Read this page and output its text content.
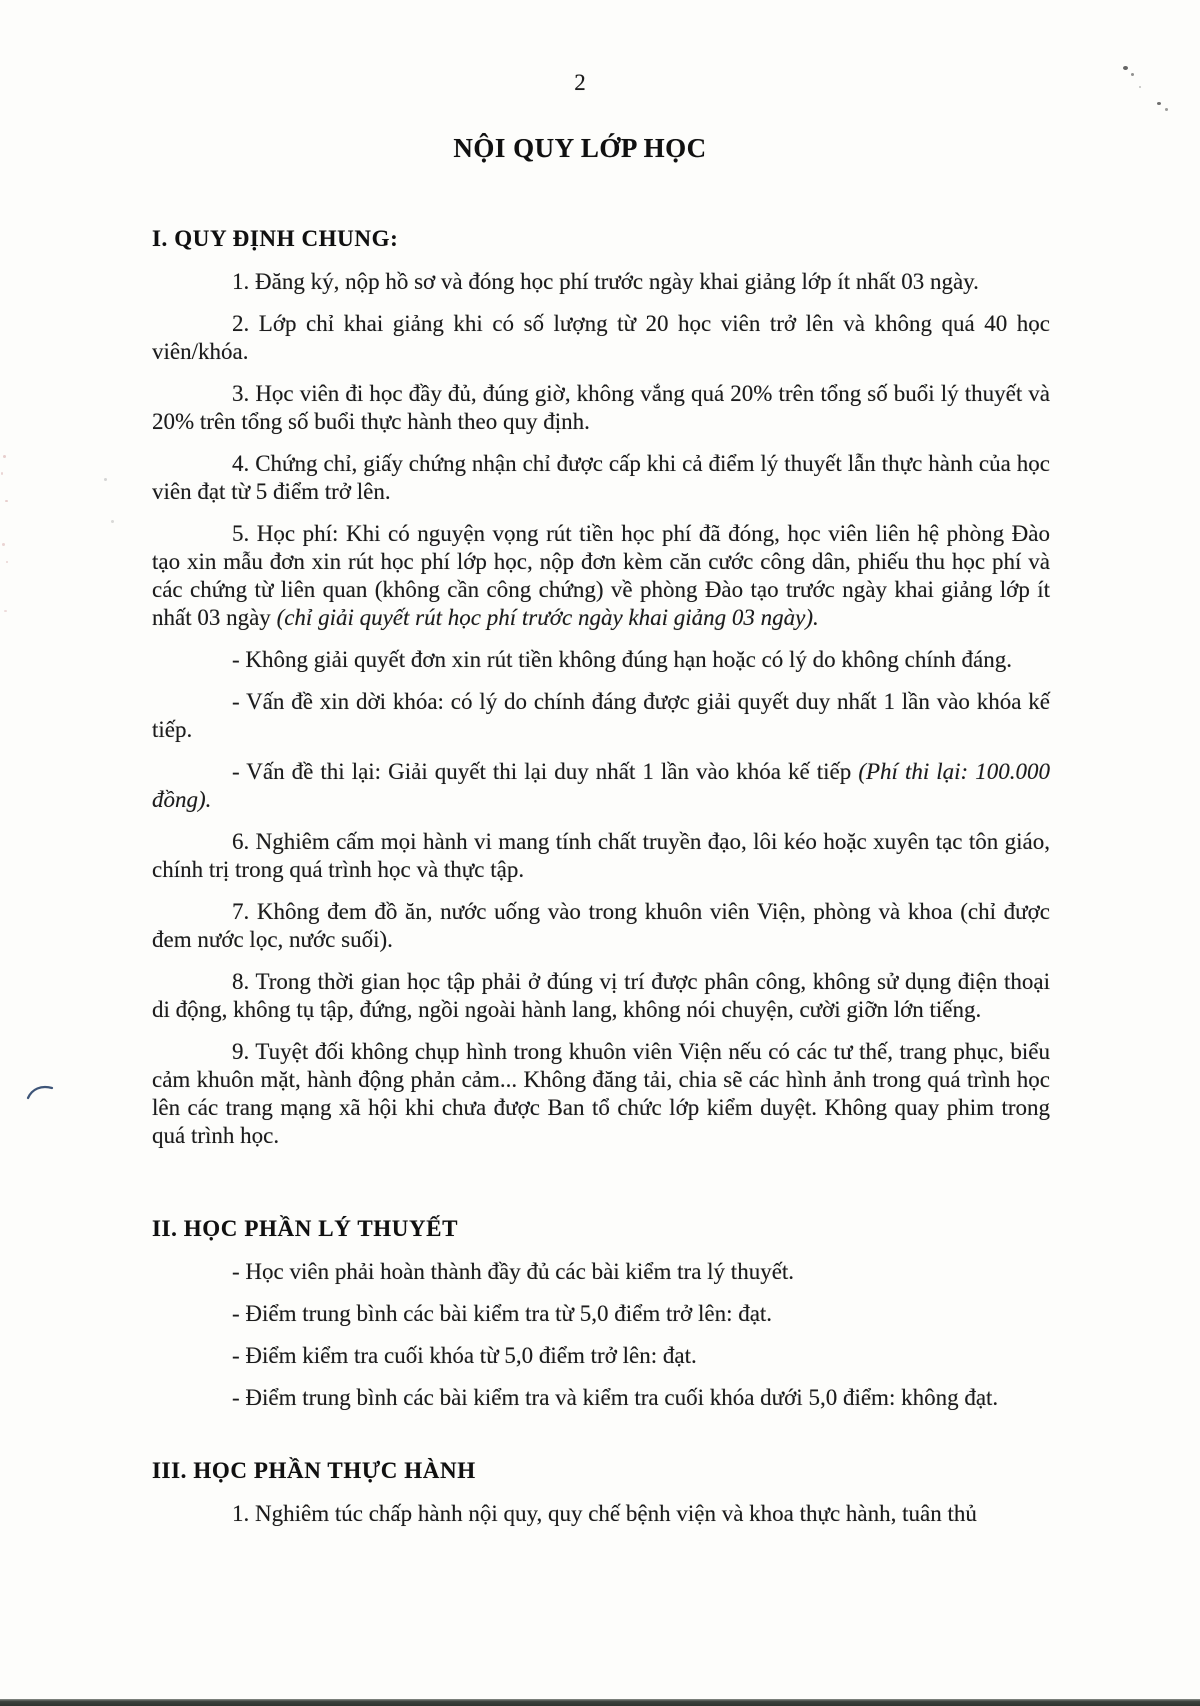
2
NỘI QUY LỚP HỌC
I. QUY ĐỊNH CHUNG:

1. Đăng ký, nộp hồ sơ và đóng học phí trước ngày khai giảng lớp ít nhất 03 ngày.

2. Lớp chỉ khai giảng khi có số lượng từ 20 học viên trở lên và không quá 40 học viên/khóa.

3. Học viên đi học đầy đủ, đúng giờ, không vắng quá 20% trên tổng số buổi lý thuyết và 20% trên tổng số buổi thực hành theo quy định.

4. Chứng chỉ, giấy chứng nhận chỉ được cấp khi cả điểm lý thuyết lẫn thực hành của học viên đạt từ 5 điểm trở lên.

5. Học phí: Khi có nguyện vọng rút tiền học phí đã đóng, học viên liên hệ phòng Đào tạo xin mẫu đơn xin rút học phí lớp học, nộp đơn kèm căn cước công dân, phiếu thu học phí và các chứng từ liên quan (không cần công chứng) về phòng Đào tạo trước ngày khai giảng lớp ít nhất 03 ngày (chỉ giải quyết rút học phí trước ngày khai giảng 03 ngày).

- Không giải quyết đơn xin rút tiền không đúng hạn hoặc có lý do không chính đáng.

- Vấn đề xin dời khóa: có lý do chính đáng được giải quyết duy nhất 1 lần vào khóa kế tiếp.

- Vấn đề thi lại: Giải quyết thi lại duy nhất 1 lần vào khóa kế tiếp (Phí thi lại: 100.000 đồng).

6. Nghiêm cấm mọi hành vi mang tính chất truyền đạo, lôi kéo hoặc xuyên tạc tôn giáo, chính trị trong quá trình học và thực tập.

7. Không đem đồ ăn, nước uống vào trong khuôn viên Viện, phòng và khoa (chỉ được đem nước lọc, nước suối).

8. Trong thời gian học tập phải ở đúng vị trí được phân công, không sử dụng điện thoại di động, không tụ tập, đứng, ngồi ngoài hành lang, không nói chuyện, cười giỡn lớn tiếng.

9. Tuyệt đối không chụp hình trong khuôn viên Viện nếu có các tư thế, trang phục, biểu cảm khuôn mặt, hành động phản cảm... Không đăng tải, chia sẽ các hình ảnh trong quá trình học lên các trang mạng xã hội khi chưa được Ban tổ chức lớp kiểm duyệt. Không quay phim trong quá trình học.

II. HỌC PHẦN LÝ THUYẾT

- Học viên phải hoàn thành đầy đủ các bài kiểm tra lý thuyết.

- Điểm trung bình các bài kiểm tra từ 5,0 điểm trở lên: đạt.

- Điểm kiểm tra cuối khóa từ 5,0 điểm trở lên: đạt.

- Điểm trung bình các bài kiểm tra và kiểm tra cuối khóa dưới 5,0 điểm: không đạt.

III. HỌC PHẦN THỰC HÀNH

1. Nghiêm túc chấp hành nội quy, quy chế bệnh viện và khoa thực hành, tuân thủ
